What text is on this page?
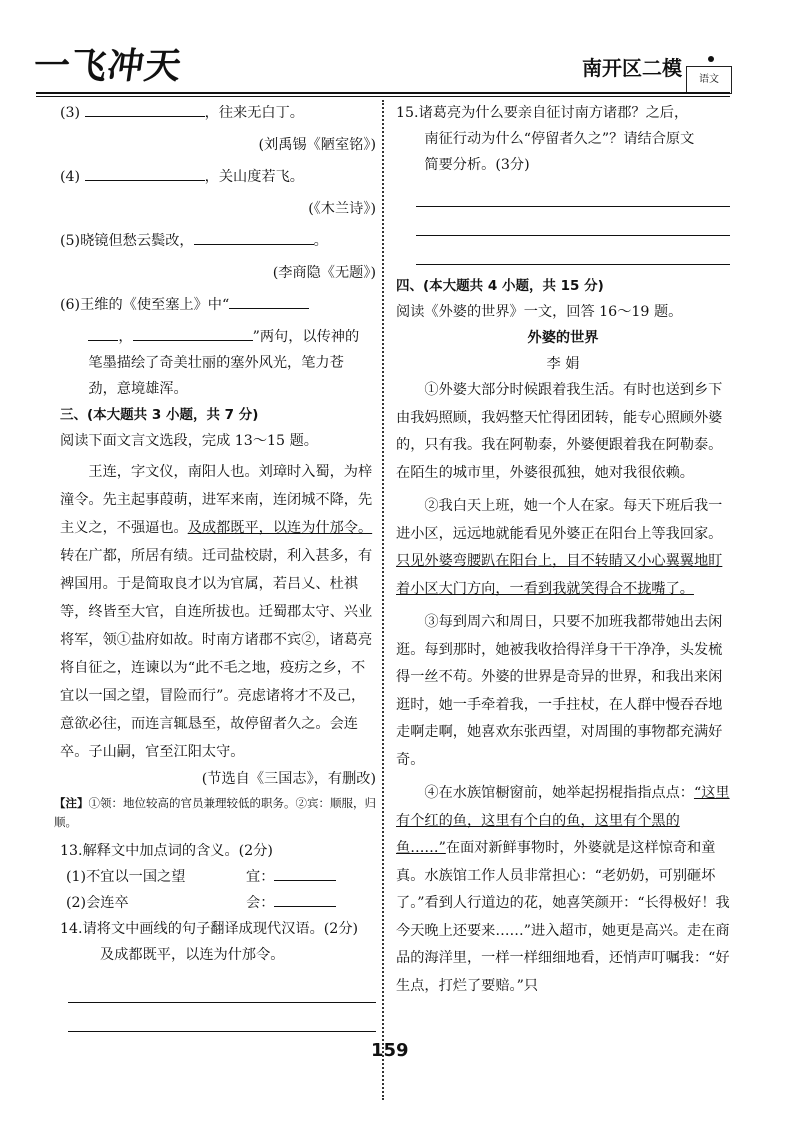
一飞冲天	南开区二模	语文
(3)	，往来无白丁。
(刘禹锡《陋室铭》)
(4)	，关山度若飞。
(《木兰诗》)
(5)晓镜但愁云鬓改，	。
(李商隐《无题》)
(6)王维的《使至塞上》中“
，	”两句，以传神的
笔墨描绘了奇美壮丽的塞外风光，笔力苍
劲，意境雄浑。
三、(本大题共 3 小题，共 7 分)
阅读下面文言文选段，完成 13～15 题。

王连，字文仪，南阳人也。刘璋时入蜀，为梓潼令。先主起事葭萌，进军来南，连闭城不降，先主义之，不强逼也。及成都既平，以连为什邡令。转在广都，所居有绩。迁司盐校尉，利入甚多，有裨国用。于是简取良才以为官属，若吕乂、杜祺等，终皆至大官，自连所拔也。迁蜀郡太守、兴业将军，领①盐府如故。时南方诸郡不宾②，诸葛亮将自征之，连谏以为“此不毛之地，疫疠之乡，不宜以一国之望，冒险而行”。亮虑诸将才不及己，意欲必往，而连言辄恳至，故停留者久之。会连卒。子山嗣，官至江阳太守。

(节选自《三国志》，有删改)
【注】①领：地位较高的官员兼理较低的职务。②宾：顺服，归顺。
13.解释文中加点词的含义。(2分)
(1)不宜以一国之望	宜：
(2)会连卒	会：
14.请将文中画线的句子翻译成现代汉语。(2分)
及成都既平，以连为什邡令。
15.诸葛亮为什么要亲自征讨南方诸郡？之后，
南征行动为什么“停留者久之”？请结合原文
简要分析。(3分)
四、(本大题共 4 小题，共 15 分)
阅读《外婆的世界》一文，回答 16～19 题。
外婆的世界
李 娟

①外婆大部分时候跟着我生活。有时也送到乡下由我妈照顾，我妈整天忙得团团转，能专心照顾外婆的，只有我。我在阿勒泰，外婆便跟着我在阿勒泰。在陌生的城市里，外婆很孤独，她对我很依赖。

②我白天上班，她一个人在家。每天下班后我一进小区，远远地就能看见外婆正在阳台上等我回家。只见外婆弯腰趴在阳台上，目不转睛又小心翼翼地盯着小区大门方向，一看到我就笑得合不拢嘴了。

③每到周六和周日，只要不加班我都带她出去闲逛。每到那时，她被我收拾得洋身干干净净，头发梳得一丝不苟。外婆的世界是奇异的世界，和我出来闲逛时，她一手牵着我，一手拄杖，在人群中慢吞吞地走啊走啊，她喜欢东张西望，对周围的事物都充满好奇。

④在水族馆橱窗前，她举起拐棍指指点点：“这里有个红的鱼，这里有个白的鱼，这里有个黑的鱼……”在面对新鲜事物时，外婆就是这样惊奇和童真。水族馆工作人员非常担心：“老奶奶，可别砸坏了。”看到人行道边的花，她喜笑颜开：“长得极好！我今天晚上还要来……”进入超市，她更是高兴。走在商品的海洋里，一样一样细细地看，还悄声叮嘱我：“好生点，打烂了要赔。”只

159
